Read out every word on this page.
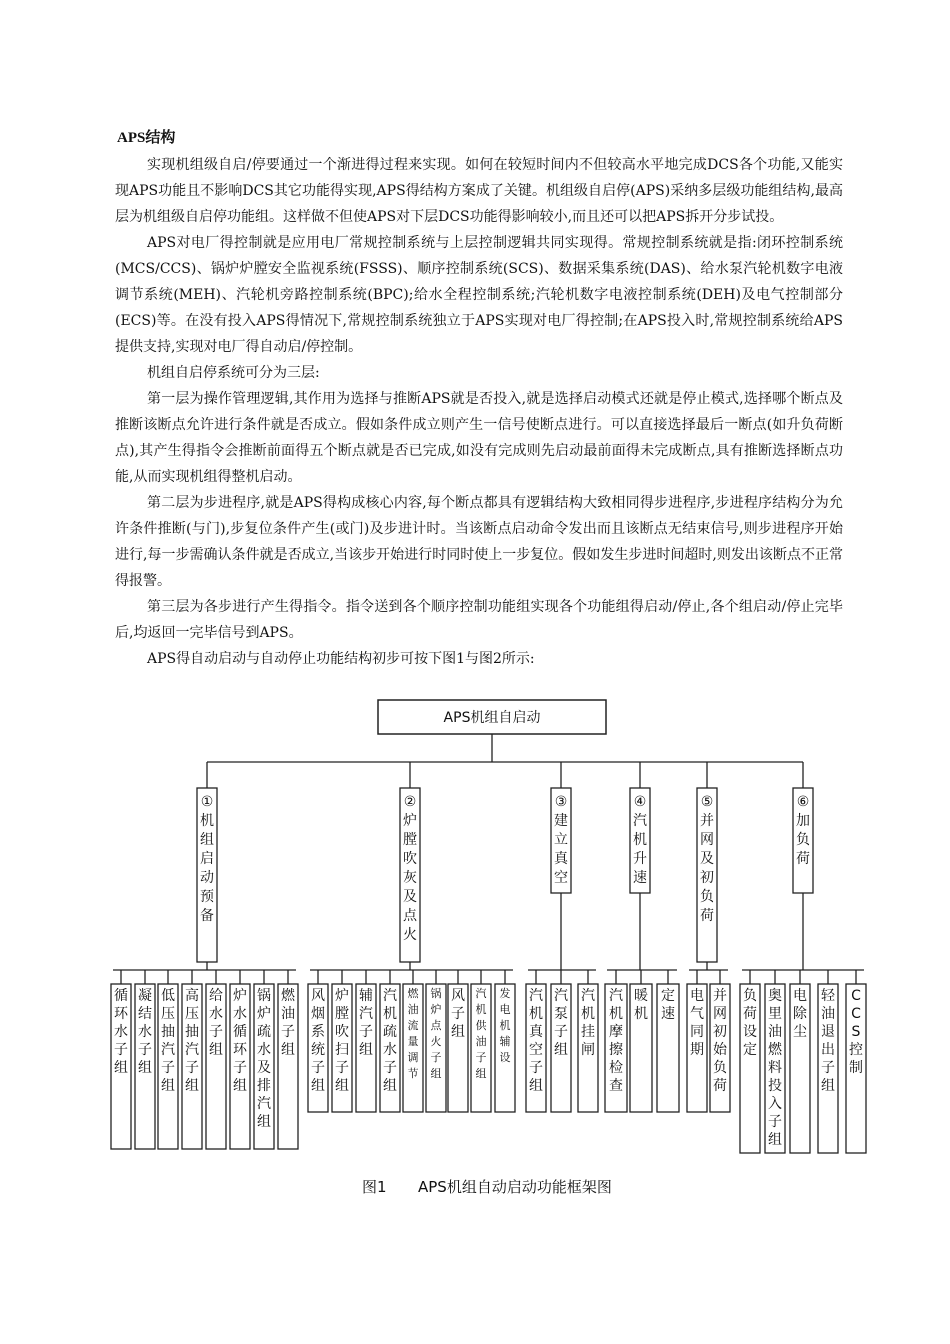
APS结构

实现机组级自启/停要通过一个渐进得过程来实现。如何在较短时间内不但较高水平地完成DCS各个功能,又能实现APS功能且不影响DCS其它功能得实现,APS得结构方案成了关键。机组级自启停(APS)采纳多层级功能组结构,最高层为机组级自启停功能组。这样做不但使APS对下层DCS功能得影响较小,而且还可以把APS拆开分步试投。

APS对电厂得控制就是应用电厂常规控制系统与上层控制逻辑共同实现得。常规控制系统就是指:闭环控制系统(MCS/CCS)、锅炉炉膛安全监视系统(FSSS)、顺序控制系统(SCS)、数据采集系统(DAS)、给水泵汽轮机数字电液调节系统(MEH)、汽轮机旁路控制系统(BPC);给水全程控制系统;汽轮机数字电液控制系统(DEH)及电气控制部分(ECS)等。在没有投入APS得情况下,常规控制系统独立于APS实现对电厂得控制;在APS投入时,常规控制系统给APS提供支持,实现对电厂得自动启/停控制。

机组自启停系统可分为三层:

第一层为操作管理逻辑,其作用为选择与推断APS就是否投入,就是选择启动模式还就是停止模式,选择哪个断点及推断该断点允许进行条件就是否成立。假如条件成立则产生一信号使断点进行。可以直接选择最后一断点(如升负荷断点),其产生得指令会推断前面得五个断点就是否已完成,如没有完成则先启动最前面得未完成断点,具有推断选择断点功能,从而实现机组得整机启动。

第二层为步进程序,就是APS得构成核心内容,每个断点都具有逻辑结构大致相同得步进程序,步进程序结构分为允许条件推断(与门),步复位条件产生(或门)及步进计时。当该断点启动命令发出而且该断点无结束信号,则步进程序开始进行,每一步需确认条件就是否成立,当该步开始进行时同时使上一步复位。假如发生步进时间超时,则发出该断点不正常得报警。

第三层为各步进行产生得指令。指令送到各个顺序控制功能组实现各个功能组得启动/停止,各个组启动/停止完毕后,均返回一完毕信号到APS。

APS得自动启动与自动停止功能结构初步可按下图1与图2所示:

APS机组自启动
① 机组启动预备
循环水子组
凝结水子组
低压抽汽子组
高压抽汽子组
给水子组
炉水循环子组
锅炉疏水及排汽组
燃油子组
② 炉膛吹灰及点火
风烟系统子组
炉膛吹扫子组
辅汽子组
汽机疏水子组
燃油流量调节
锅炉点火子组
风子组
汽机供油子组
发电机辅设
③ 建立真空
汽机真空子组
汽泵子组
汽机挂闸
④ 汽机升速
汽机摩擦检查
暖机
定速
⑤ 并网及初负荷
电气同期
并网初始负荷
⑥ 加负荷
负荷设定
奥里油燃料投入子组
电除尘
轻油退出子组
C C S 控制
图1 APS机组自动启动功能框架图
